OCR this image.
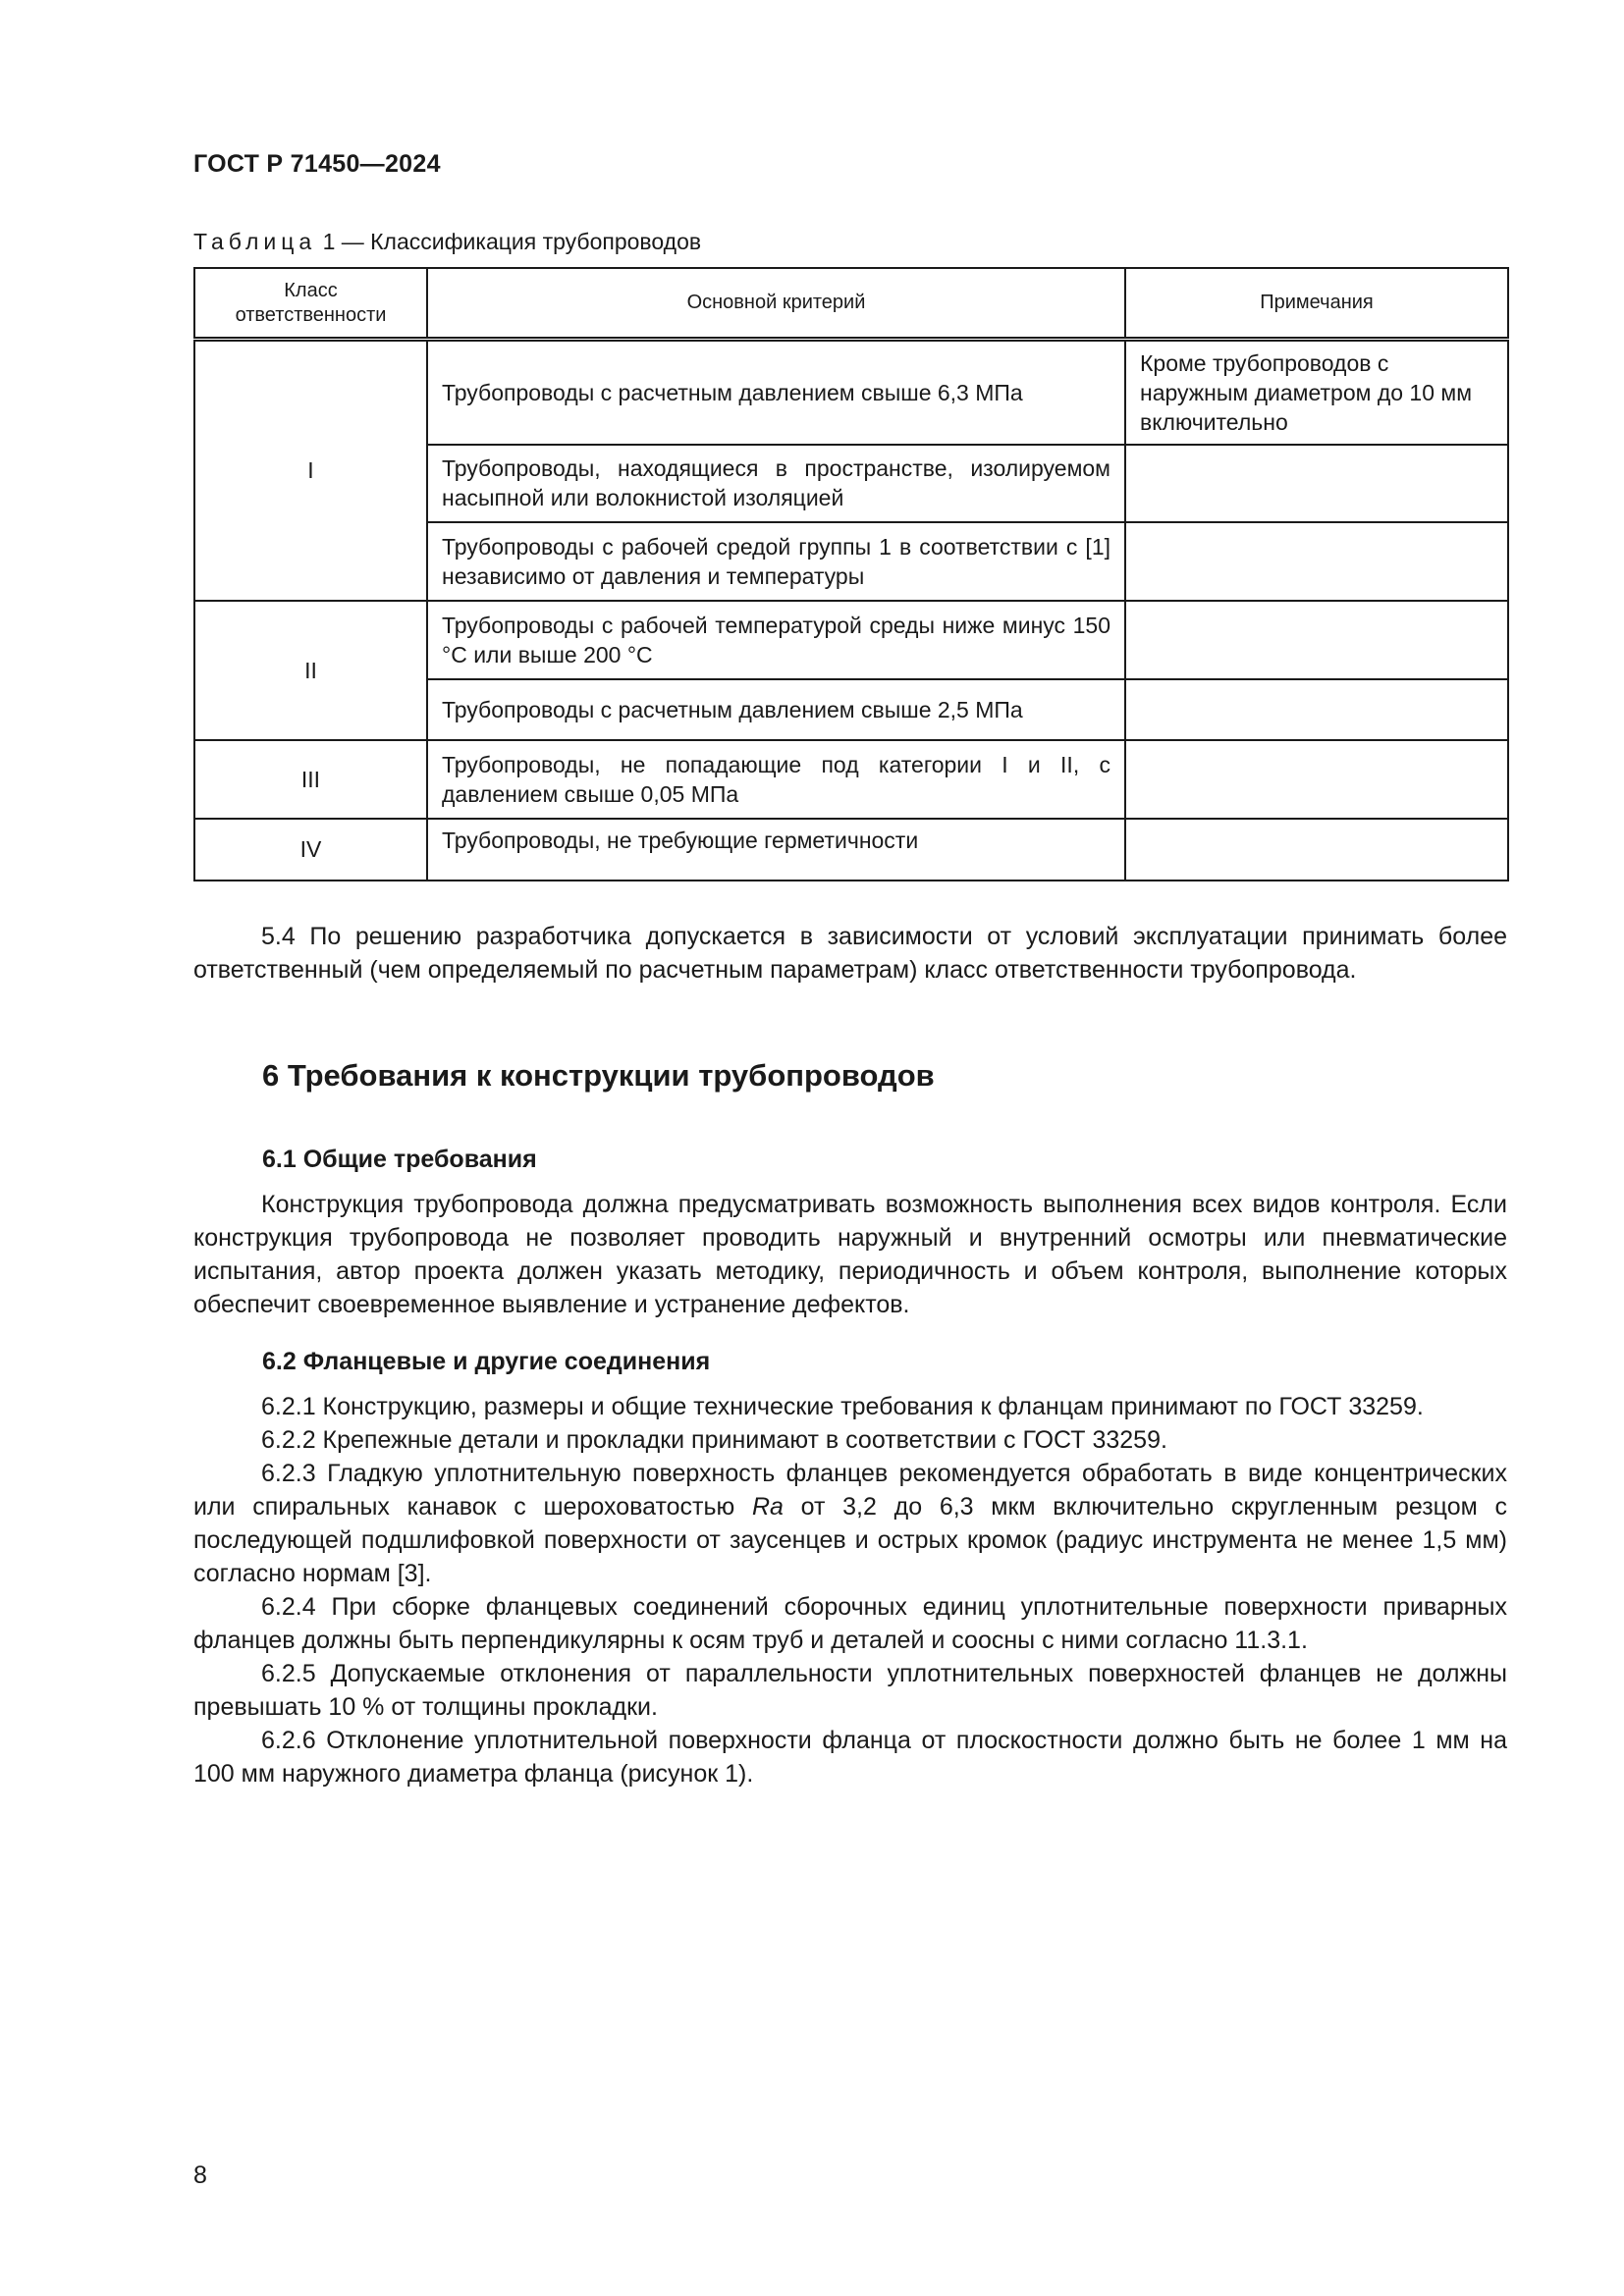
ГОСТ Р 71450—2024
Таблица 1 — Классификация трубопроводов
Класс ответственности	Основной критерий	Примечания
I	Трубопроводы с расчетным давлением свыше 6,3 МПа	Кроме трубопроводов с наружным диаметром до 10 мм включительно
	Трубопроводы, находящиеся в пространстве, изолируемом насыпной или волокнистой изоляцией	
	Трубопроводы с рабочей средой группы 1 в соответствии с [1] независимо от давления и температуры	
II	Трубопроводы с рабочей температурой среды ниже минус 150 °С или выше 200 °С	
	Трубопроводы с расчетным давлением свыше 2,5 МПа	
III	Трубопроводы, не попадающие под категории I и II, с давлением свыше 0,05 МПа	
IV	Трубопроводы, не требующие герметичности	

5.4 По решению разработчика допускается в зависимости от условий эксплуатации принимать более ответственный (чем определяемый по расчетным параметрам) класс ответственности трубопровода.

6 Требования к конструкции трубопроводов
6.1 Общие требования

Конструкция трубопровода должна предусматривать возможность выполнения всех видов контроля. Если конструкция трубопровода не позволяет проводить наружный и внутренний осмотры или пневматические испытания, автор проекта должен указать методику, периодичность и объем контроля, выполнение которых обеспечит своевременное выявление и устранение дефектов.

6.2 Фланцевые и другие соединения

6.2.1 Конструкцию, размеры и общие технические требования к фланцам принимают по ГОСТ 33259.

6.2.2 Крепежные детали и прокладки принимают в соответствии с ГОСТ 33259.

6.2.3 Гладкую уплотнительную поверхность фланцев рекомендуется обработать в виде концентрических или спиральных канавок с шероховатостью Ra от 3,2 до 6,3 мкм включительно скругленным резцом с последующей подшлифовкой поверхности от заусенцев и острых кромок (радиус инструмента не менее 1,5 мм) согласно нормам [3].

6.2.4 При сборке фланцевых соединений сборочных единиц уплотнительные поверхности приварных фланцев должны быть перпендикулярны к осям труб и деталей и соосны с ними согласно 11.3.1.

6.2.5 Допускаемые отклонения от параллельности уплотнительных поверхностей фланцев не должны превышать 10 % от толщины прокладки.

6.2.6 Отклонение уплотнительной поверхности фланца от плоскостности должно быть не более 1 мм на 100 мм наружного диаметра фланца (рисунок 1).

8
